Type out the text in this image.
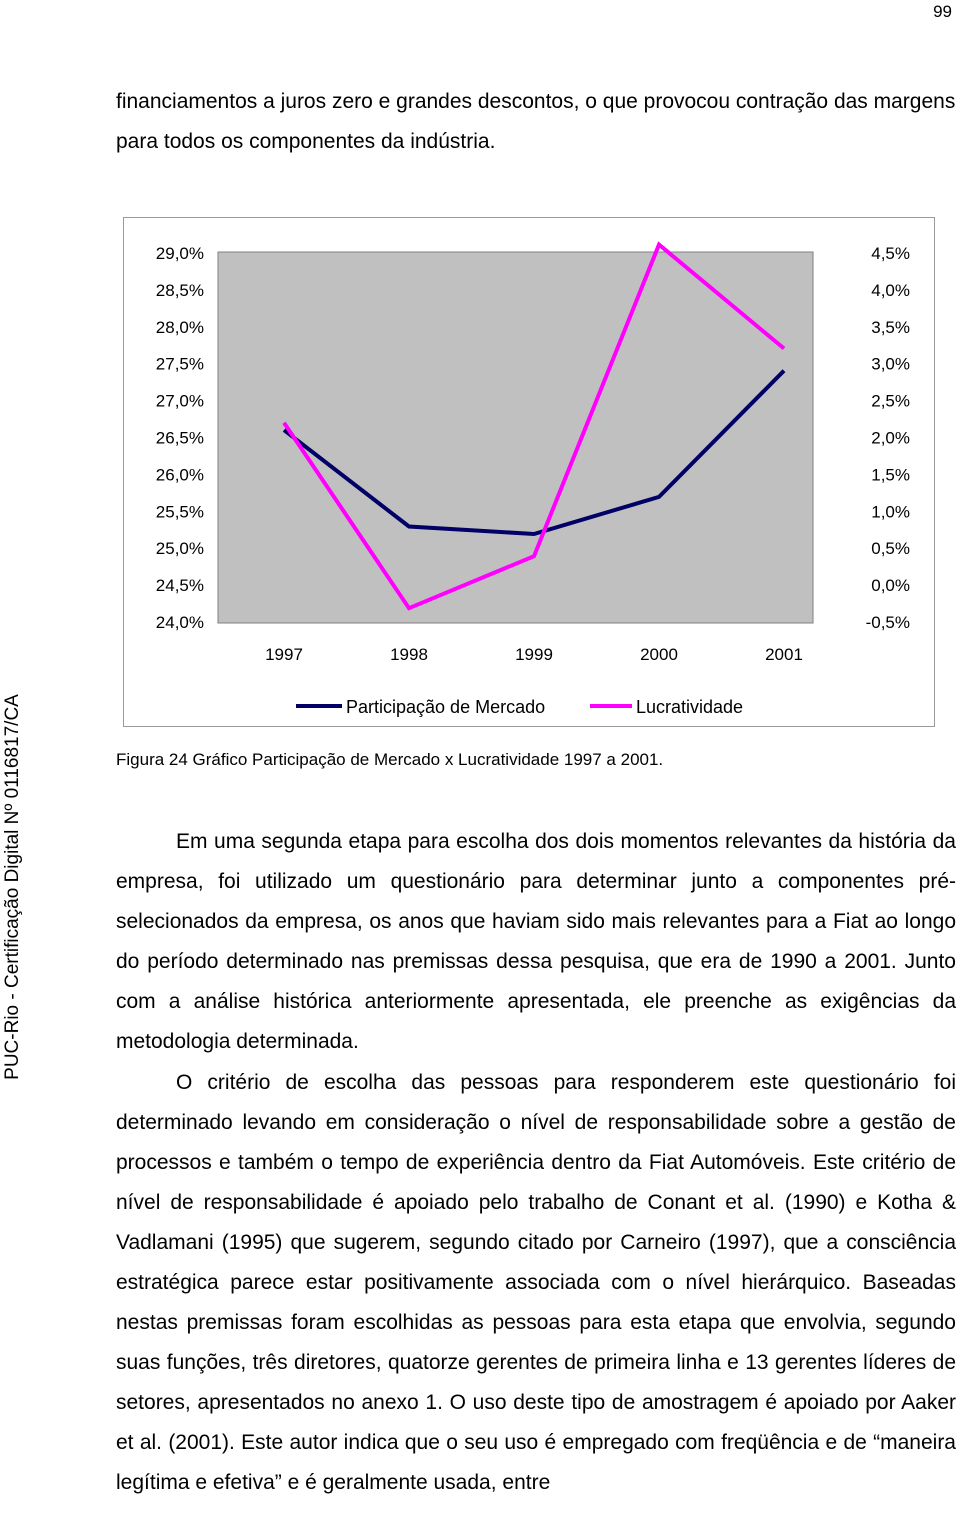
99
PUC-Rio - Certificação Digital Nº 0116817/CA

financiamentos a juros zero e grandes descontos, o que provocou contração das margens para todos os componentes da indústria.

29,0%
28,5%
28,0%
27,5%
27,0%
26,5%
26,0%
25,5%
25,0%
24,5%
24,0%
4,5%
4,0%
3,5%
3,0%
2,5%
2,0%
1,5%
1,0%
0,5%
0,0%
-0,5%
1997	1998	1999	2000	2001
Participação de Mercado	Lucratividade

Figura 24 Gráfico Participação de Mercado x Lucratividade 1997 a 2001.

Em uma segunda etapa para escolha dos dois momentos relevantes da história da empresa, foi utilizado um questionário para determinar junto a componentes pré-selecionados da empresa, os anos que haviam sido mais relevantes para a Fiat ao longo do período determinado nas premissas dessa pesquisa, que era de 1990 a 2001. Junto com a análise histórica anteriormente apresentada, ele preenche as exigências da metodologia determinada.

O critério de escolha das pessoas para responderem este questionário foi determinado levando em consideração o nível de responsabilidade sobre a gestão de processos e também o tempo de experiência dentro da Fiat Automóveis. Este critério de nível de responsabilidade é apoiado pelo trabalho de Conant et al. (1990) e Kotha & Vadlamani (1995) que sugerem, segundo citado por Carneiro (1997), que a consciência estratégica parece estar positivamente associada com o nível hierárquico. Baseadas nestas premissas foram escolhidas as pessoas para esta etapa que envolvia, segundo suas funções, três diretores, quatorze gerentes de primeira linha e 13 gerentes líderes de setores, apresentados no anexo 1. O uso deste tipo de amostragem é apoiado por Aaker et al. (2001). Este autor indica que o seu uso é empregado com freqüência e de “maneira legítima e efetiva” e é geralmente usada, entre
